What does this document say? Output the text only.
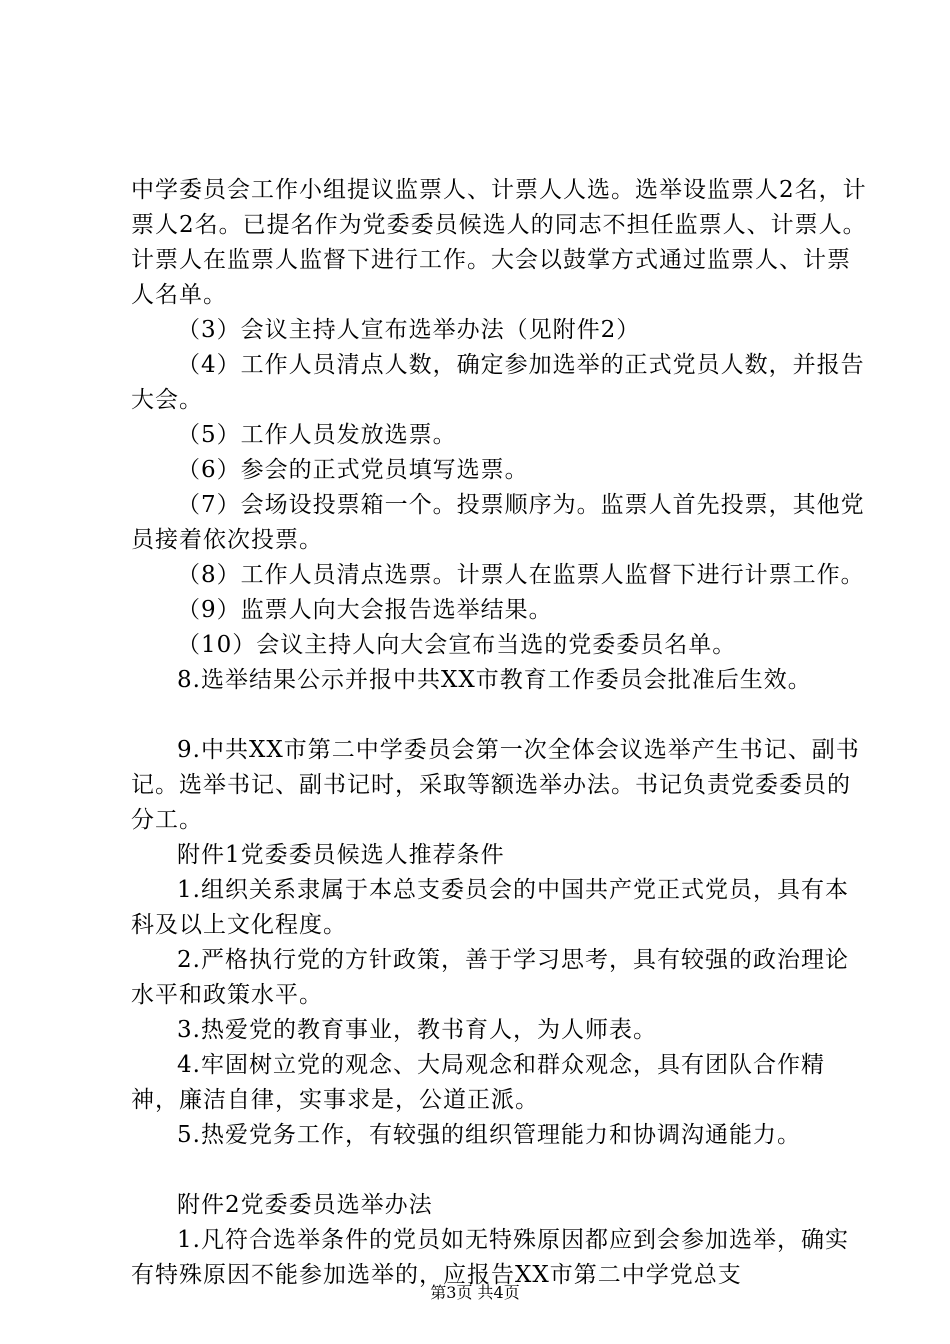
中学委员会工作小组提议监票人、计票人人选。选举设监票人2名，计票人2名。已提名作为党委委员候选人的同志不担任监票人、计票人。计票人在监票人监督下进行工作。大会以鼓掌方式通过监票人、计票人名单。

（3）会议主持人宣布选举办法（见附件2）

（4）工作人员清点人数，确定参加选举的正式党员人数，并报告大会。

（5）工作人员发放选票。

（6）参会的正式党员填写选票。

（7）会场设投票箱一个。投票顺序为。监票人首先投票，其他党员接着依次投票。

（8）工作人员清点选票。计票人在监票人监督下进行计票工作。

（9）监票人向大会报告选举结果。

（10）会议主持人向大会宣布当选的党委委员名单。

8.选举结果公示并报中共XX市教育工作委员会批准后生效。

9.中共XX市第二中学委员会第一次全体会议选举产生书记、副书记。选举书记、副书记时，采取等额选举办法。书记负责党委委员的分工。

附件1党委委员候选人推荐条件

1.组织关系隶属于本总支委员会的中国共产党正式党员，具有本科及以上文化程度。

2.严格执行党的方针政策，善于学习思考，具有较强的政治理论水平和政策水平。

3.热爱党的教育事业，教书育人，为人师表。

4.牢固树立党的观念、大局观念和群众观念，具有团队合作精神，廉洁自律，实事求是，公道正派。

5.热爱党务工作，有较强的组织管理能力和协调沟通能力。

附件2党委委员选举办法

1.凡符合选举条件的党员如无特殊原因都应到会参加选举，确实有特殊原因不能参加选举的，应报告XX市第二中学党总支

第3页 共4页
